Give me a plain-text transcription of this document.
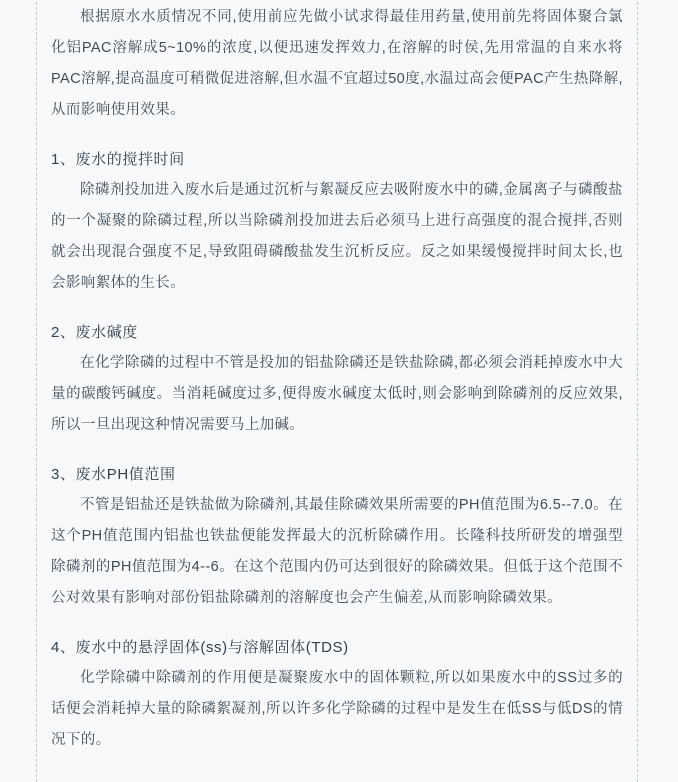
根据原水水质情况不同,使用前应先做小试求得最佳用药量,使用前先将固体聚合氯化铝PAC溶解成5~10%的浓度,以便迅速发挥效力,在溶解的时侯,先用常温的自来水将PAC溶解,提高温度可稍微促进溶解,但水温不宜超过50度,水温过高会便PAC产生热降解,从而影响使用效果。

1、废水的搅拌时间

除磷剂投加进入废水后是通过沉析与絮凝反应去吸附废水中的磷,金属离子与磷酸盐的一个凝聚的除磷过程,所以当除磷剂投加进去后必须马上进行高强度的混合搅拌,否则就会出现混合强度不足,导致阻碍磷酸盐发生沉析反应。反之如果缓慢搅拌时间太长,也会影响絮体的生长。

2、废水碱度

在化学除磷的过程中不管是投加的铝盐除磷还是铁盐除磷,都必须会消耗掉废水中大量的碳酸钙碱度。当消耗碱度过多,便得废水碱度太低时,则会影响到除磷剂的反应效果,所以一旦出现这种情况需要马上加碱。

3、废水PH值范围

不管是铝盐还是铁盐做为除磷剂,其最佳除磷效果所需要的PH值范围为6.5--7.0。在这个PH值范围内铝盐也铁盐便能发挥最大的沉析除磷作用。长隆科技所研发的增强型除磷剂的PH值范围为4--6。在这个范围内仍可达到很好的除磷效果。但低于这个范围不公对效果有影响对部份铝盐除磷剂的溶解度也会产生偏差,从而影响除磷效果。

4、废水中的悬浮固体(ss)与溶解固体(TDS)

化学除磷中除磷剂的作用便是凝聚废水中的固体颗粒,所以如果废水中的SS过多的话便会消耗掉大量的除磷絮凝剂,所以许多化学除磷的过程中是发生在低SS与低DS的情况下的。
